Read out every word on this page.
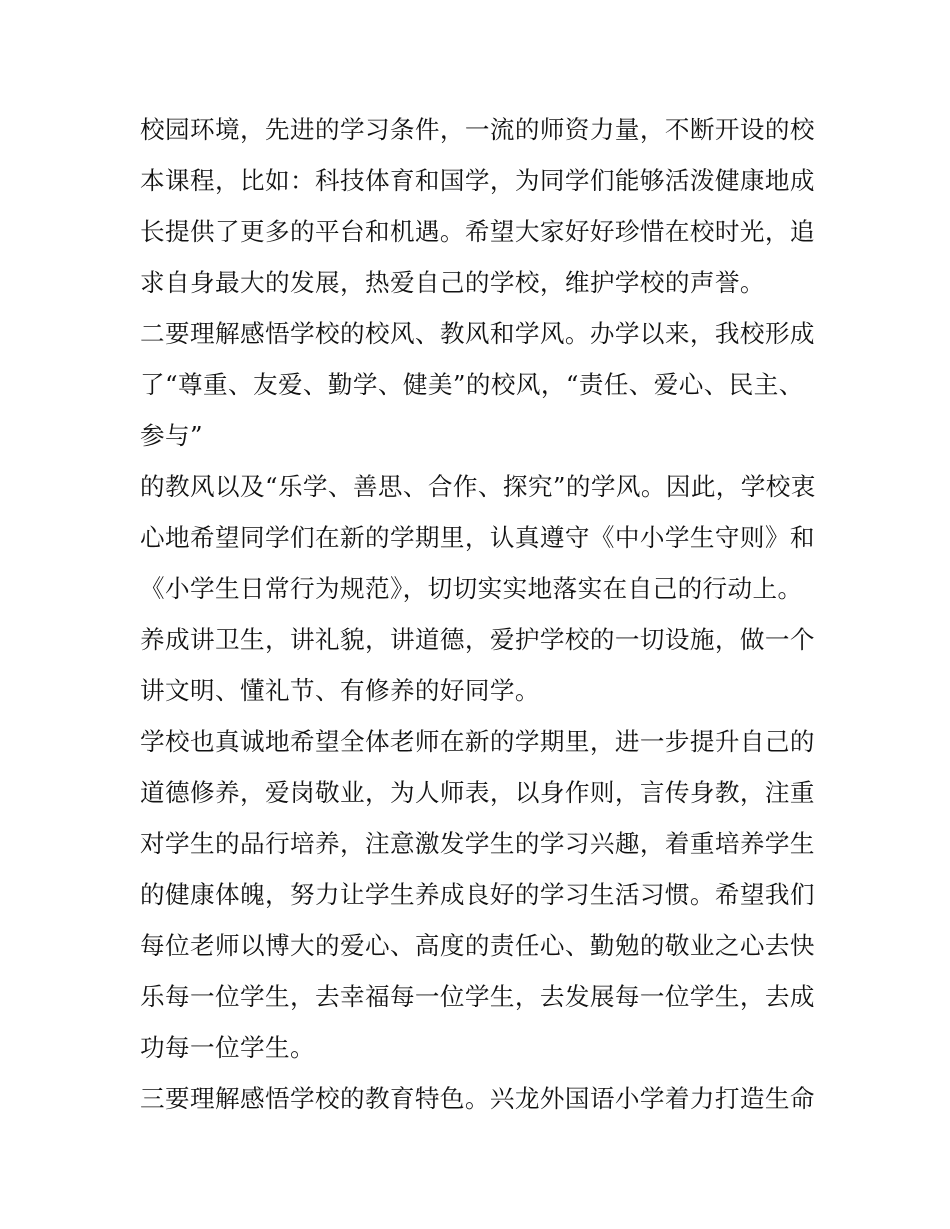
校园环境，先进的学习条件，一流的师资力量，不断开设的校
本课程，比如：科技体育和国学，为同学们能够活泼健康地成
长提供了更多的平台和机遇。希望大家好好珍惜在校时光，追
求自身最大的发展，热爱自己的学校，维护学校的声誉。
二要理解感悟学校的校风、教风和学风。办学以来，我校形成
了“尊重、友爱、勤学、健美”的校风，“责任、爱心、民主、
参与”
的教风以及“乐学、善思、合作、探究”的学风。因此，学校衷
心地希望同学们在新的学期里，认真遵守《中小学生守则》和
《小学生日常行为规范》，切切实实地落实在自己的行动上。
养成讲卫生，讲礼貌，讲道德，爱护学校的一切设施，做一个
讲文明、懂礼节、有修养的好同学。
学校也真诚地希望全体老师在新的学期里，进一步提升自己的
道德修养，爱岗敬业，为人师表，以身作则，言传身教，注重
对学生的品行培养，注意激发学生的学习兴趣，着重培养学生
的健康体魄，努力让学生养成良好的学习生活习惯。希望我们
每位老师以博大的爱心、高度的责任心、勤勉的敬业之心去快
乐每一位学生，去幸福每一位学生，去发展每一位学生，去成
功每一位学生。
三要理解感悟学校的教育特色。兴龙外国语小学着力打造生命
